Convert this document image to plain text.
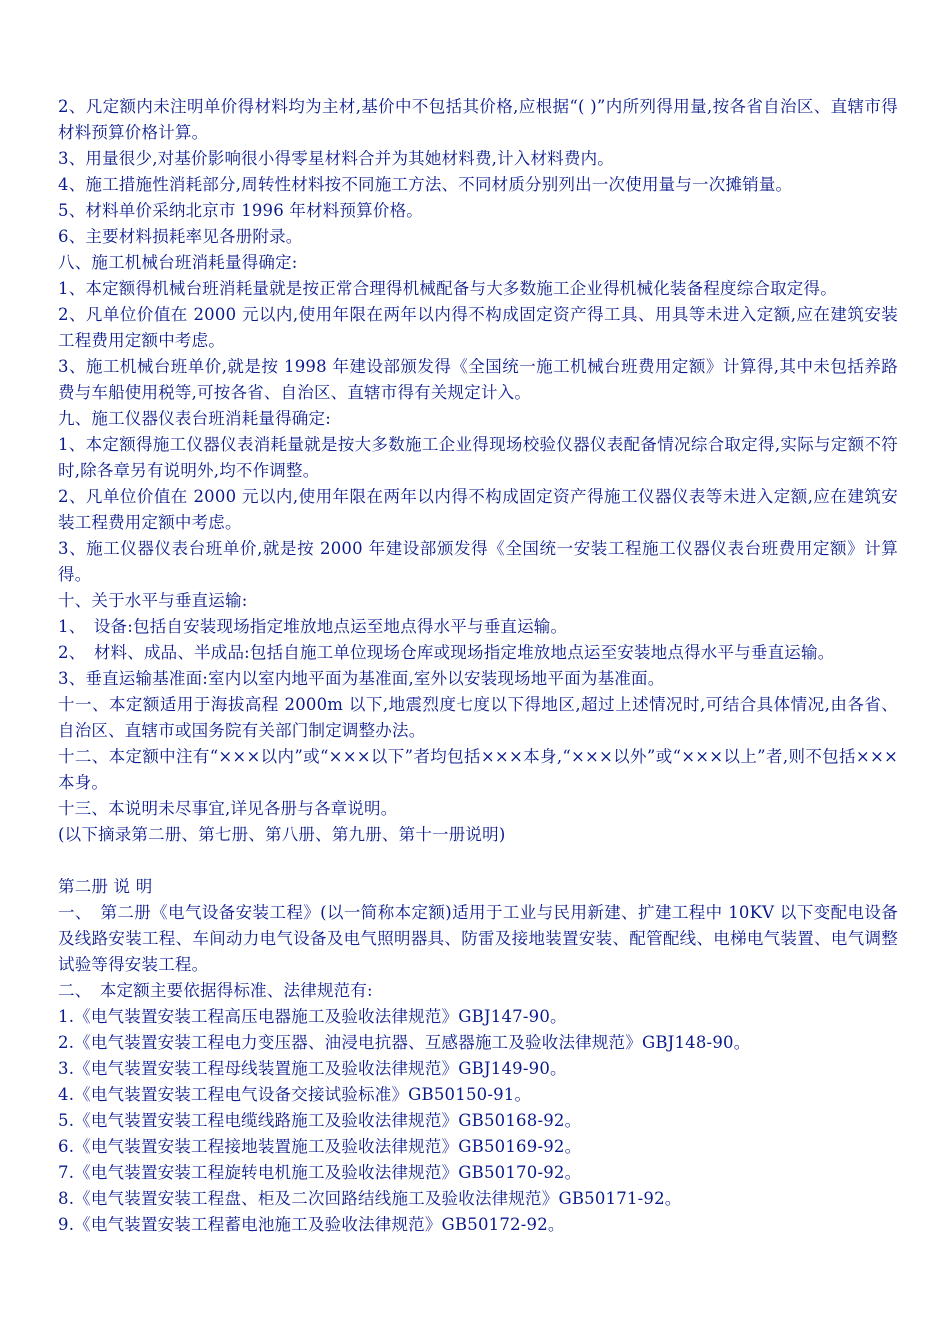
2、凡定额内未注明单价得材料均为主材,基价中不包括其价格,应根据“( )”内所列得用量,按各省自治区、直辖市得材料预算价格计算。

3、用量很少,对基价影响很小得零星材料合并为其她材料费,计入材料费内。

4、施工措施性消耗部分,周转性材料按不同施工方法、不同材质分别列出一次使用量与一次摊销量。

5、材料单价采纳北京市 1996 年材料预算价格。

6、主要材料损耗率见各册附录。

八、施工机械台班消耗量得确定:

1、本定额得机械台班消耗量就是按正常合理得机械配备与大多数施工企业得机械化装备程度综合取定得。

2、凡单位价值在 2000 元以内,使用年限在两年以内得不构成固定资产得工具、用具等未进入定额,应在建筑安装工程费用定额中考虑。

3、施工机械台班单价,就是按 1998 年建设部颁发得《全国统一施工机械台班费用定额》计算得,其中未包括养路费与车船使用税等,可按各省、自治区、直辖市得有关规定计入。

九、施工仪器仪表台班消耗量得确定:

1、本定额得施工仪器仪表消耗量就是按大多数施工企业得现场校验仪器仪表配备情况综合取定得,实际与定额不符时,除各章另有说明外,均不作调整。

2、凡单位价值在 2000 元以内,使用年限在两年以内得不构成固定资产得施工仪器仪表等未进入定额,应在建筑安装工程费用定额中考虑。

3、施工仪器仪表台班单价,就是按 2000 年建设部颁发得《全国统一安装工程施工仪器仪表台班费用定额》计算得。

十、关于水平与垂直运输:

1、　设备:包括自安装现场指定堆放地点运至地点得水平与垂直运输。

2、　材料、成品、半成品:包括自施工单位现场仓库或现场指定堆放地点运至安装地点得水平与垂直运输。

3、垂直运输基准面:室内以室内地平面为基准面,室外以安装现场地平面为基准面。

十一、本定额适用于海拔高程 2000m 以下,地震烈度七度以下得地区,超过上述情况时,可结合具体情况,由各省、自治区、直辖市或国务院有关部门制定调整办法。

十二、本定额中注有“×××以内”或“×××以下”者均包括×××本身,“×××以外”或“×××以上”者,则不包括×××本身。

十三、本说明未尽事宜,详见各册与各章说明。

(以下摘录第二册、第七册、第八册、第九册、第十一册说明)

第二册 说 明

一、　第二册《电气设备安装工程》(以一简称本定额)适用于工业与民用新建、扩建工程中 10KV 以下变配电设备及线路安装工程、车间动力电气设备及电气照明器具、防雷及接地装置安装、配管配线、电梯电气装置、电气调整试验等得安装工程。

二、　本定额主要依据得标准、法律规范有:

1.《电气装置安装工程高压电器施工及验收法律规范》GBJ147-90。

2.《电气装置安装工程电力变压器、油浸电抗器、互感器施工及验收法律规范》GBJ148-90。

3.《电气装置安装工程母线装置施工及验收法律规范》GBJ149-90。

4.《电气装置安装工程电气设备交接试验标准》GB50150-91。

5.《电气装置安装工程电缆线路施工及验收法律规范》GB50168-92。

6.《电气装置安装工程接地装置施工及验收法律规范》GB50169-92。

7.《电气装置安装工程旋转电机施工及验收法律规范》GB50170-92。

8.《电气装置安装工程盘、柜及二次回路结线施工及验收法律规范》GB50171-92。

9.《电气装置安装工程蓄电池施工及验收法律规范》GB50172-92。
